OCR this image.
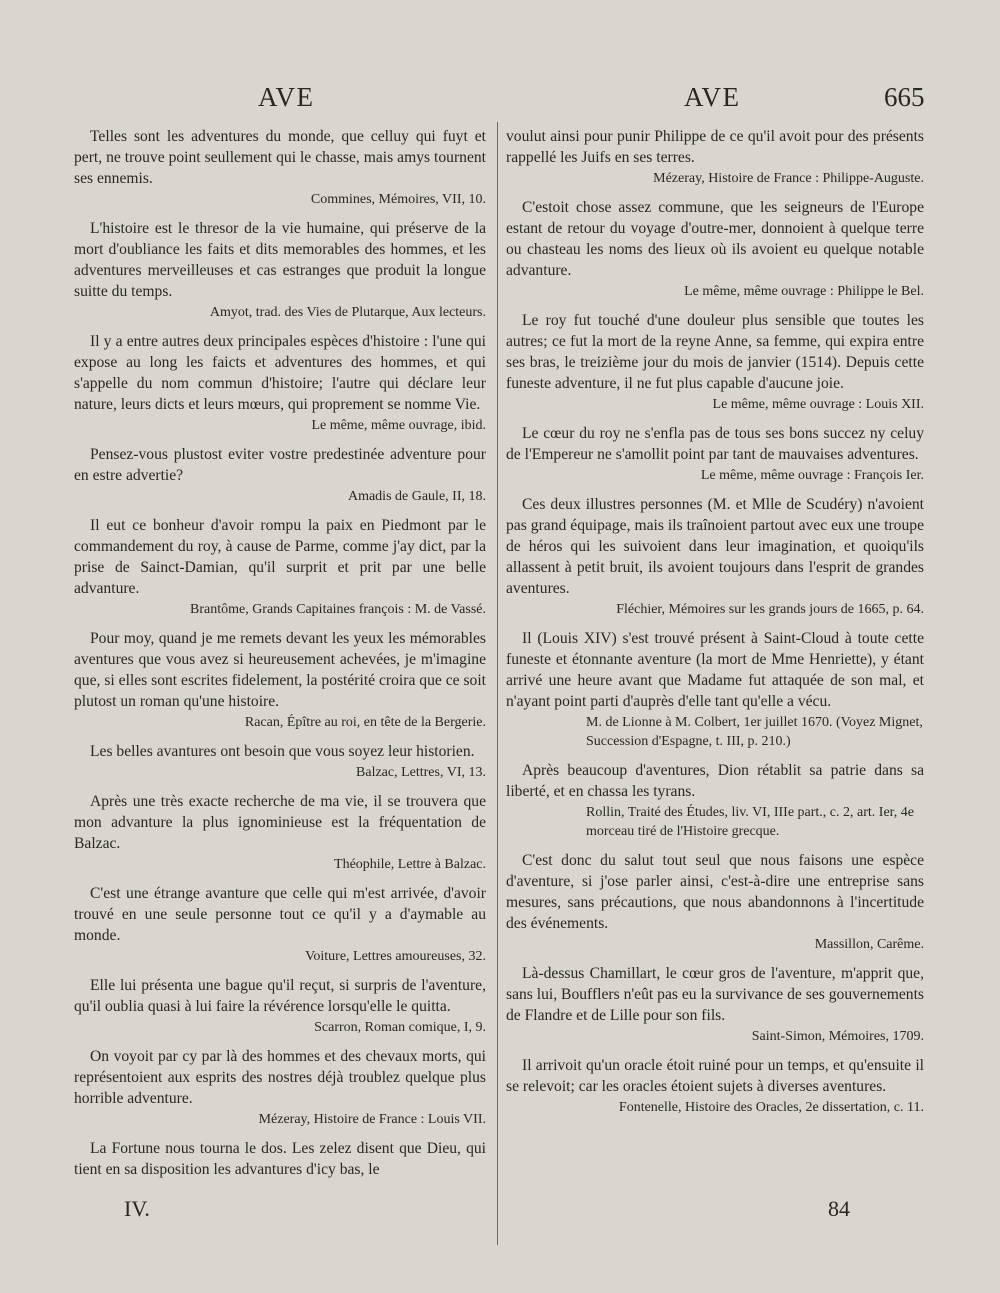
AVE	AVE	665

Telles sont les adventures du monde, que celluy qui fuyt et pert, ne trouve point seullement qui le chasse, mais amys tournent ses ennemis.

Commines, Mémoires, VII, 10.

L'histoire est le thresor de la vie humaine, qui préserve de la mort d'oubliance les faits et dits memorables des hommes, et les adventures merveilleuses et cas estranges que produit la longue suitte du temps.

Amyot, trad. des Vies de Plutarque, Aux lecteurs.

Il y a entre autres deux principales espèces d'histoire : l'une qui expose au long les faicts et adventures des hommes, et qui s'appelle du nom commun d'histoire; l'autre qui déclare leur nature, leurs dicts et leurs mœurs, qui proprement se nomme Vie.

Le même, même ouvrage, ibid.

Pensez-vous plustost eviter vostre predestinée adventure pour en estre advertie?

Amadis de Gaule, II, 18.

Il eut ce bonheur d'avoir rompu la paix en Piedmont par le commandement du roy, à cause de Parme, comme j'ay dict, par la prise de Sainct-Damian, qu'il surprit et prit par une belle advanture.

Brantôme, Grands Capitaines françois : M. de Vassé.

Pour moy, quand je me remets devant les yeux les mémorables aventures que vous avez si heureusement achevées, je m'imagine que, si elles sont escrites fidelement, la postérité croira que ce soit plutost un roman qu'une histoire.

Racan, Épître au roi, en tête de la Bergerie.

Les belles avantures ont besoin que vous soyez leur historien.

Balzac, Lettres, VI, 13.

Après une très exacte recherche de ma vie, il se trouvera que mon advanture la plus ignominieuse est la fréquentation de Balzac.

Théophile, Lettre à Balzac.

C'est une étrange avanture que celle qui m'est arrivée, d'avoir trouvé en une seule personne tout ce qu'il y a d'aymable au monde.

Voiture, Lettres amoureuses, 32.

Elle lui présenta une bague qu'il reçut, si surpris de l'aventure, qu'il oublia quasi à lui faire la révérence lorsqu'elle le quitta.

Scarron, Roman comique, I, 9.

On voyoit par cy par là des hommes et des chevaux morts, qui représentoient aux esprits des nostres déjà troublez quelque plus horrible adventure.

Mézeray, Histoire de France : Louis VII.

La Fortune nous tourna le dos. Les zelez disent que Dieu, qui tient en sa disposition les advantures d'icy bas, le

voulut ainsi pour punir Philippe de ce qu'il avoit pour des présents rappellé les Juifs en ses terres.

Mézeray, Histoire de France : Philippe-Auguste.

C'estoit chose assez commune, que les seigneurs de l'Europe estant de retour du voyage d'outre-mer, donnoient à quelque terre ou chasteau les noms des lieux où ils avoient eu quelque notable advanture.

Le même, même ouvrage : Philippe le Bel.

Le roy fut touché d'une douleur plus sensible que toutes les autres; ce fut la mort de la reyne Anne, sa femme, qui expira entre ses bras, le treizième jour du mois de janvier (1514). Depuis cette funeste adventure, il ne fut plus capable d'aucune joie.

Le même, même ouvrage : Louis XII.

Le cœur du roy ne s'enfla pas de tous ses bons succez ny celuy de l'Empereur ne s'amollit point par tant de mauvaises adventures.

Le même, même ouvrage : François Ier.

Ces deux illustres personnes (M. et Mlle de Scudéry) n'avoient pas grand équipage, mais ils traînoient partout avec eux une troupe de héros qui les suivoient dans leur imagination, et quoiqu'ils allassent à petit bruit, ils avoient toujours dans l'esprit de grandes aventures.

Fléchier, Mémoires sur les grands jours de 1665, p. 64.

Il (Louis XIV) s'est trouvé présent à Saint-Cloud à toute cette funeste et étonnante aventure (la mort de Mme Henriette), y étant arrivé une heure avant que Madame fut attaquée de son mal, et n'ayant point parti d'auprès d'elle tant qu'elle a vécu.

M. de Lionne à M. Colbert, 1er juillet 1670. (Voyez Mignet, Succession d'Espagne, t. III, p. 210.)

Après beaucoup d'aventures, Dion rétablit sa patrie dans sa liberté, et en chassa les tyrans.

Rollin, Traité des Études, liv. VI, IIIe part., c. 2, art. Ier, 4e morceau tiré de l'Histoire grecque.

C'est donc du salut tout seul que nous faisons une espèce d'aventure, si j'ose parler ainsi, c'est-à-dire une entreprise sans mesures, sans précautions, que nous abandonnons à l'incertitude des événements.

Massillon, Carême.

Là-dessus Chamillart, le cœur gros de l'aventure, m'apprit que, sans lui, Boufflers n'eût pas eu la survivance de ses gouvernements de Flandre et de Lille pour son fils.

Saint-Simon, Mémoires, 1709.

Il arrivoit qu'un oracle étoit ruiné pour un temps, et qu'ensuite il se relevoit; car les oracles étoient sujets à diverses aventures.

Fontenelle, Histoire des Oracles, 2e dissertation, c. 11.
IV.	84
